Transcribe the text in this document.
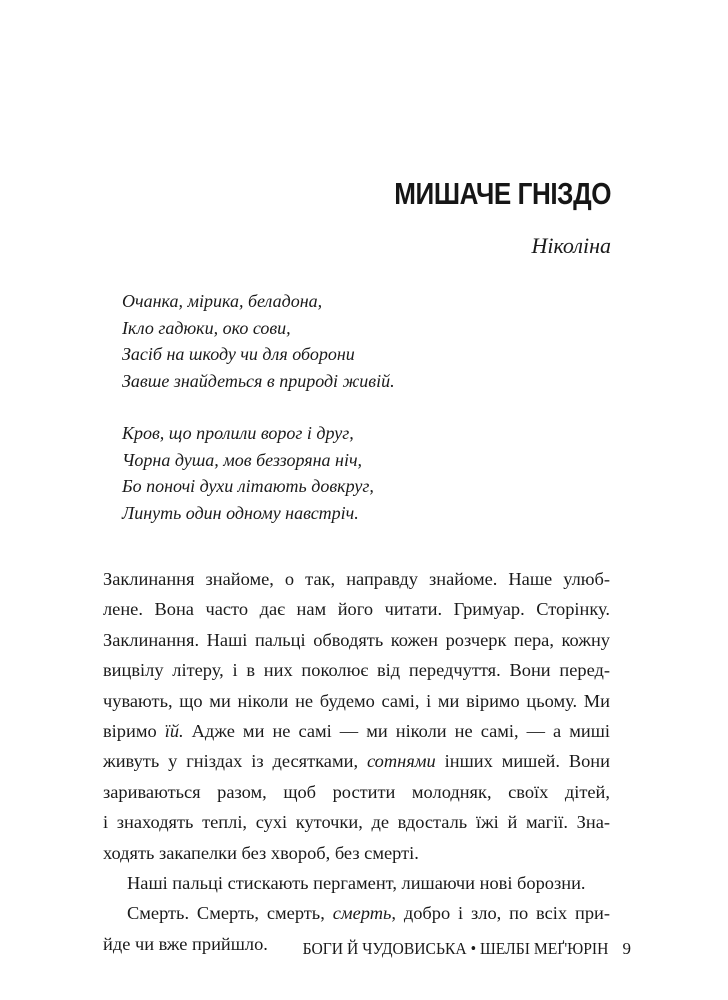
МИШАЧЕ ГНІЗДО
Ніколіна

Очанка, мірика, беладона,
Ікло гадюки, око сови,
Засіб на шкоду чи для оборони
Завше знайдеться в природі живій.

Кров, що пролили ворог і друг,
Чорна душа, мов беззоряна ніч,
Бо поночі духи літають довкруг,
Линуть один одному навстріч.

Заклинання знайоме, о так, направду знайоме. Наше улюб-
лене. Вона часто дає нам його читати. Гримуар. Сторінку.
Заклинання. Наші пальці обводять кожен розчерк пера, кожну
вицвілу літеру, і в них поколює від передчуття. Вони перед-
чувають, що ми ніколи не будемо самі, і ми віримо цьому. Ми
віримо їй. Адже ми не самі — ми ніколи не самі, — а миші
живуть у гніздах із десятками, сотнями інших мишей. Вони
зариваються разом, щоб ростити молодняк, своїх дітей,
і знаходять теплі, сухі куточки, де вдосталь їжі й магії. Зна-
ходять закапелки без хвороб, без смерті.
Наші пальці стискають пергамент, лишаючи нові борозни.
Смерть. Смерть, смерть, смерть, добро і зло, по всіх при-
йде чи вже прийшло.	БОГИ Й ЧУДОВИСЬКА • ШЕЛБІ МЕҐ'ЮРІН 9
